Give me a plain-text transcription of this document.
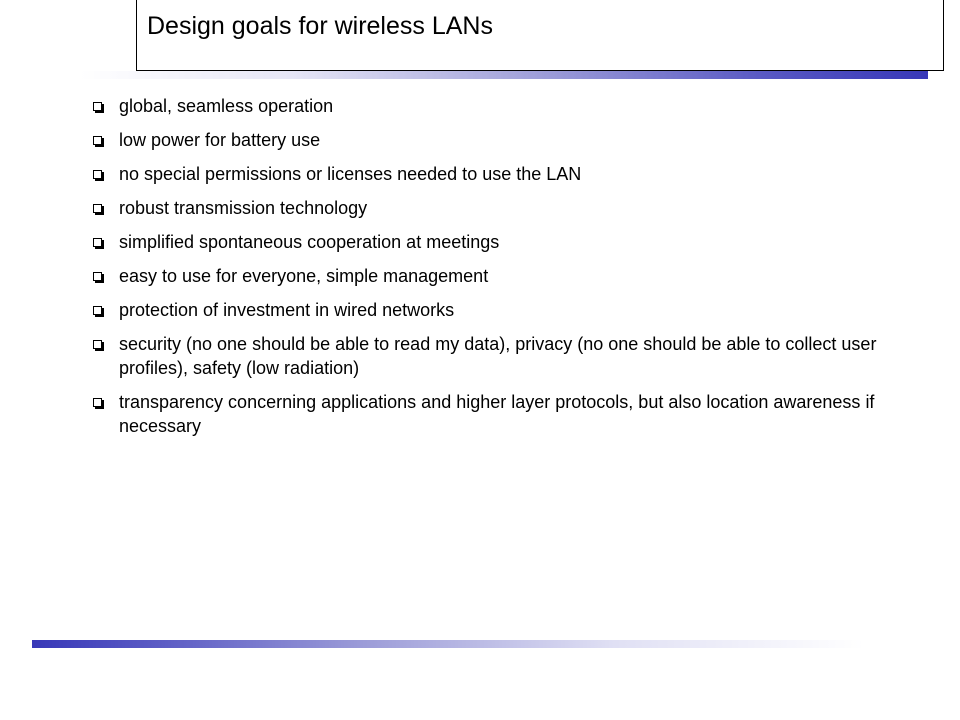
Design goals for wireless LANs
global, seamless operation
low power for battery use
no special permissions or licenses needed to use the LAN
robust transmission technology
simplified spontaneous cooperation at meetings
easy to use for everyone, simple management
protection of investment in wired networks
security (no one should be able to read my data), privacy (no one should be able to collect user profiles), safety (low radiation)
transparency concerning applications and higher layer protocols, but also location awareness if necessary
